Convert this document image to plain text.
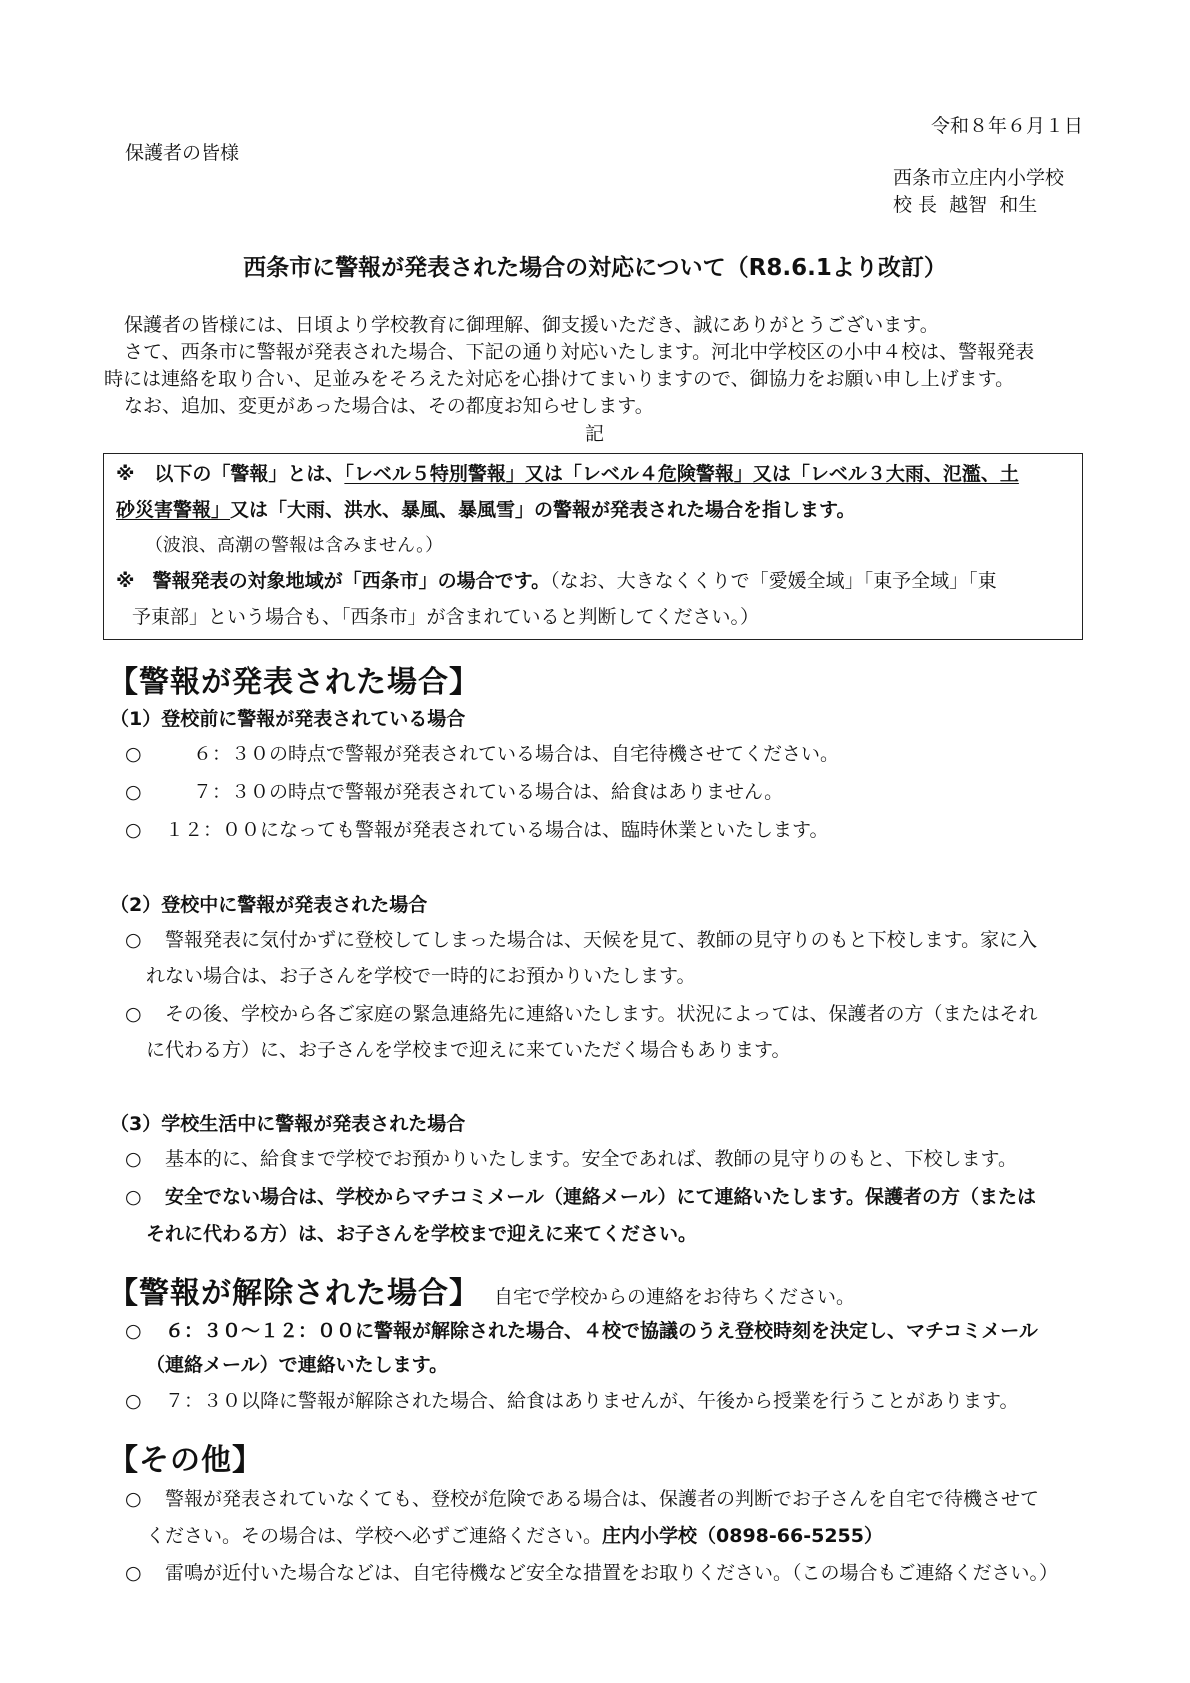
令和８年６月１日
保護者の皆様
西条市立庄内小学校
校 長  越智  和生
西条市に警報が発表された場合の対応について（R8.6.1より改訂）
保護者の皆様には、日頃より学校教育に御理解、御支援いただき、誠にありがとうございます。
さて、西条市に警報が発表された場合、下記の通り対応いたします。河北中学校区の小中４校は、警報発表
時には連絡を取り合い、足並みをそろえた対応を心掛けてまいりますので、御協力をお願い申し上げます。
なお、追加、変更があった場合は、その都度お知らせします。
記
※ 以下の「警報」とは、「レベル５特別警報」又は「レベル４危険警報」又は「レベル３大雨、氾濫、土
砂災害警報」又は「大雨、洪水、暴風、暴風雪」の警報が発表された場合を指します。
（波浪、高潮の警報は含みません。）
※ 警報発表の対象地域が「西条市」の場合です。（なお、大きなくくりで「愛媛全域」「東予全域」「東
予東部」という場合も、「西条市」が含まれていると判断してください。）
【警報が発表された場合】
（1）登校前に警報が発表されている場合
○	６：３０の時点で警報が発表されている場合は、自宅待機させてください。
○	７：３０の時点で警報が発表されている場合は、給食はありません。
○ １２：００になっても警報が発表されている場合は、臨時休業といたします。
（2）登校中に警報が発表された場合
○ 警報発表に気付かずに登校してしまった場合は、天候を見て、教師の見守りのもと下校します。家に入
れない場合は、お子さんを学校で一時的にお預かりいたします。
○ その後、学校から各ご家庭の緊急連絡先に連絡いたします。状況によっては、保護者の方（またはそれ
に代わる方）に、お子さんを学校まで迎えに来ていただく場合もあります。
（3）学校生活中に警報が発表された場合
○ 基本的に、給食まで学校でお預かりいたします。安全であれば、教師の見守りのもと、下校します。
○ 安全でない場合は、学校からマチコミメール（連絡メール）にて連絡いたします。保護者の方（または
それに代わる方）は、お子さんを学校まで迎えに来てください。
【警報が解除された場合】 自宅で学校からの連絡をお待ちください。
○ ６：３０～１２：００に警報が解除された場合、４校で協議のうえ登校時刻を決定し、マチコミメール
（連絡メール）で連絡いたします。
○ ７：３０以降に警報が解除された場合、給食はありませんが、午後から授業を行うことがあります。
【その他】
○ 警報が発表されていなくても、登校が危険である場合は、保護者の判断でお子さんを自宅で待機させて
ください。その場合は、学校へ必ずご連絡ください。庄内小学校（0898-66-5255）
○ 雷鳴が近付いた場合などは、自宅待機など安全な措置をお取りください。（この場合もご連絡ください。）
